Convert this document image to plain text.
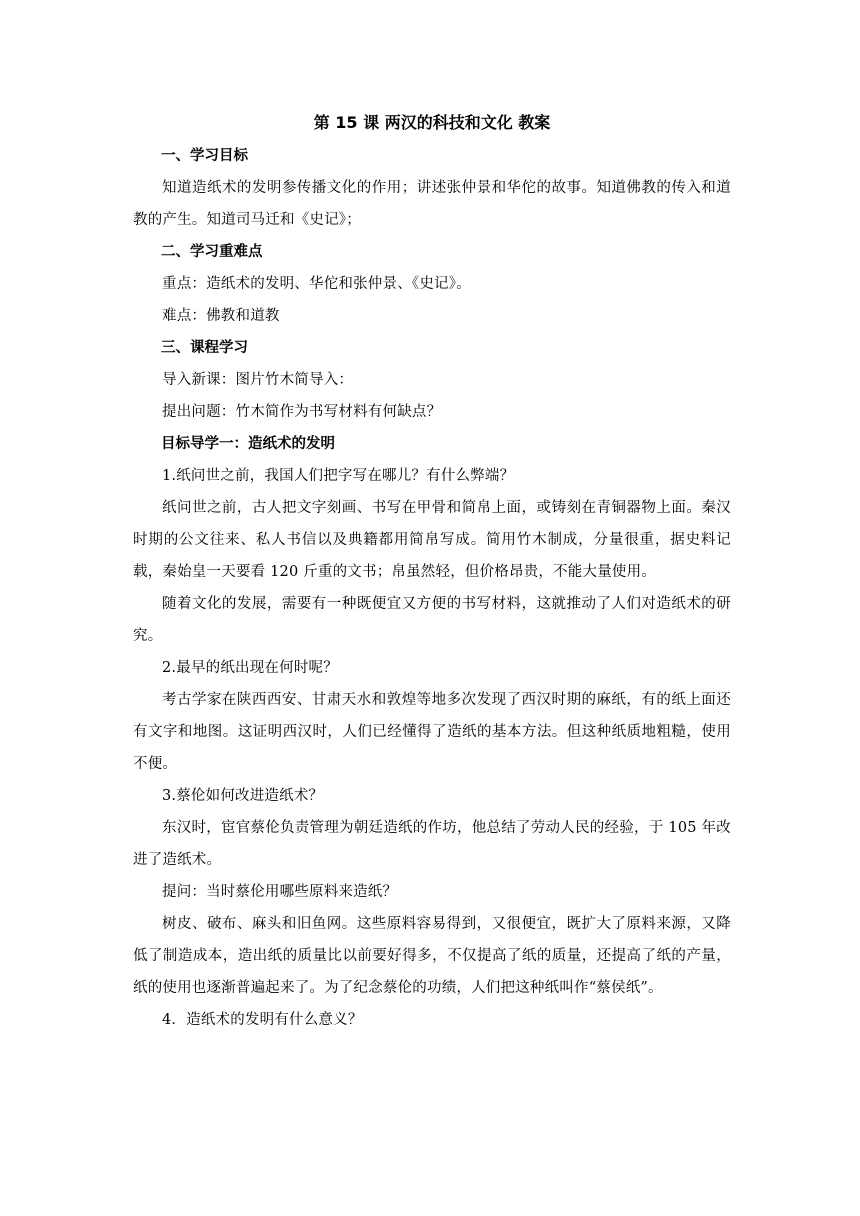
第 15 课 两汉的科技和文化 教案

一、学习目标

知道造纸术的发明参传播文化的作用；讲述张仲景和华佗的故事。知道佛教的传入和道教的产生。知道司马迁和《史记》；

二、学习重难点

重点：造纸术的发明、华佗和张仲景、《史记》。

难点：佛教和道教

三、课程学习

导入新课：图片竹木简导入：

提出问题：竹木简作为书写材料有何缺点？

目标导学一：造纸术的发明

1.纸问世之前，我国人们把字写在哪儿？有什么弊端？

纸问世之前，古人把文字刻画、书写在甲骨和简帛上面，或铸刻在青铜器物上面。秦汉时期的公文往来、私人书信以及典籍都用简帛写成。简用竹木制成，分量很重，据史料记载，秦始皇一天要看 120 斤重的文书；帛虽然轻，但价格昂贵，不能大量使用。

随着文化的发展，需要有一种既便宜又方便的书写材料，这就推动了人们对造纸术的研究。

2.最早的纸出现在何时呢？

考古学家在陕西西安、甘肃天水和敦煌等地多次发现了西汉时期的麻纸，有的纸上面还有文字和地图。这证明西汉时，人们已经懂得了造纸的基本方法。但这种纸质地粗糙，使用不便。

3.蔡伦如何改进造纸术？

东汉时，宦官蔡伦负责管理为朝廷造纸的作坊，他总结了劳动人民的经验，于 105 年改进了造纸术。

提问：当时蔡伦用哪些原料来造纸？

树皮、破布、麻头和旧鱼网。这些原料容易得到，又很便宜，既扩大了原料来源，又降低了制造成本，造出纸的质量比以前要好得多，不仅提高了纸的质量，还提高了纸的产量，纸的使用也逐渐普遍起来了。为了纪念蔡伦的功绩，人们把这种纸叫作“蔡侯纸”。

4．造纸术的发明有什么意义？
